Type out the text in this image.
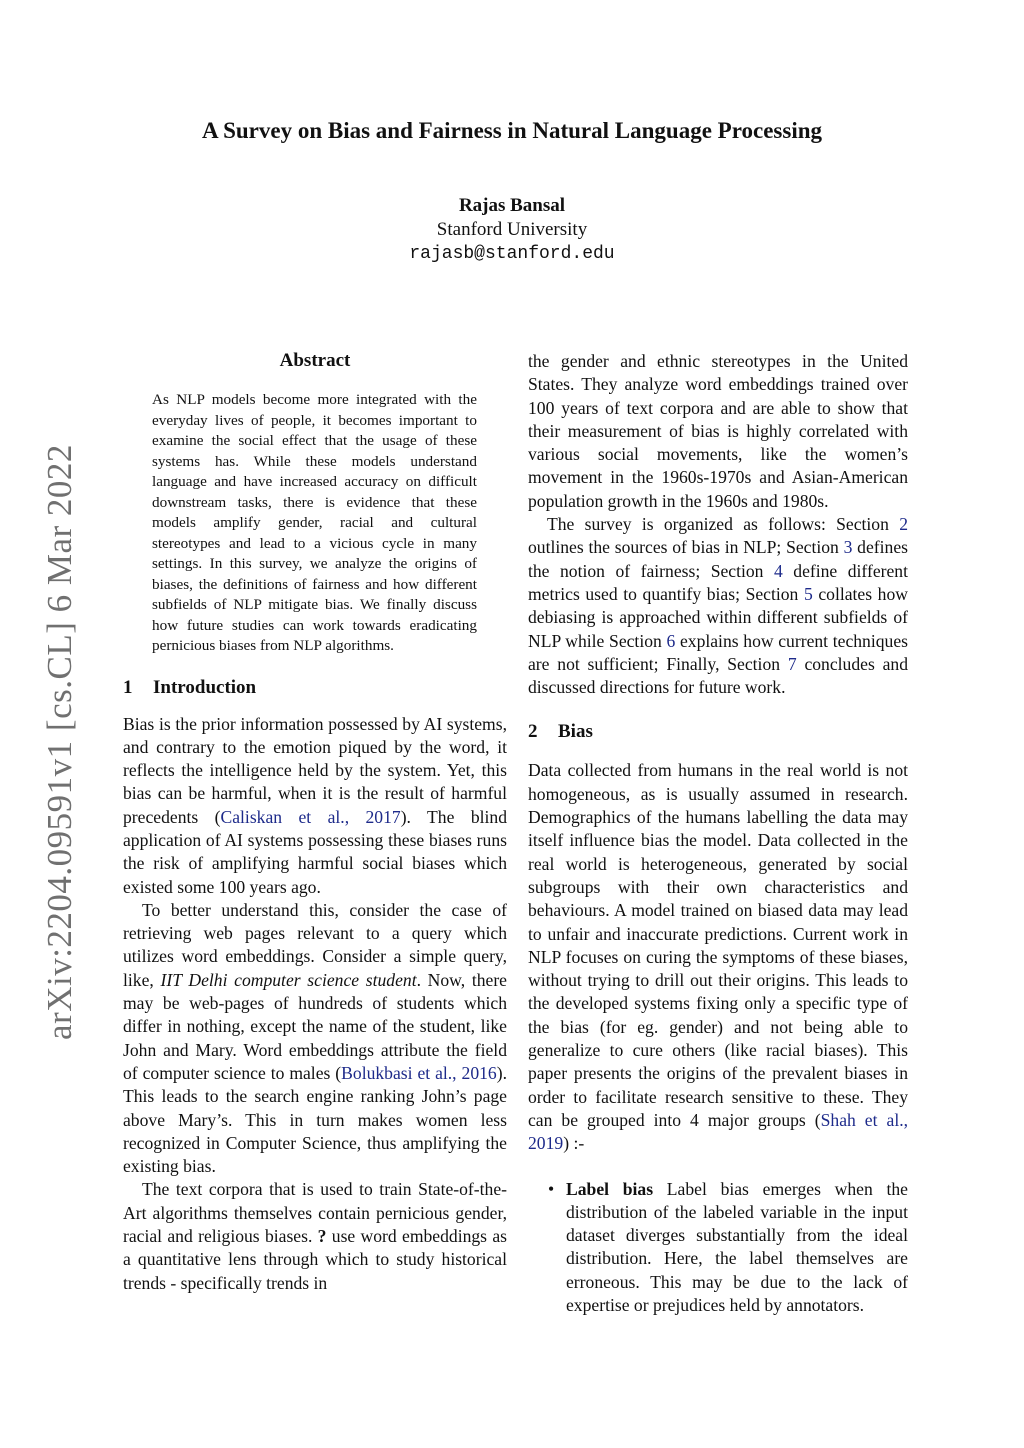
arXiv:2204.09591v1 [cs.CL] 6 Mar 2022
A Survey on Bias and Fairness in Natural Language Processing
Rajas Bansal
Stanford University
rajasb@stanford.edu
Abstract
As NLP models become more integrated with the everyday lives of people, it becomes important to examine the social effect that the usage of these systems has. While these models understand language and have increased accuracy on difficult downstream tasks, there is evidence that these models amplify gender, racial and cultural stereotypes and lead to a vicious cycle in many settings. In this survey, we analyze the origins of biases, the definitions of fairness and how different subfields of NLP mitigate bias. We finally discuss how future studies can work towards eradicating pernicious biases from NLP algorithms.
1	Introduction

Bias is the prior information possessed by AI systems, and contrary to the emotion piqued by the word, it reflects the intelligence held by the system. Yet, this bias can be harmful, when it is the result of harmful precedents (Caliskan et al., 2017). The blind application of AI systems possessing these biases runs the risk of amplifying harmful social biases which existed some 100 years ago.

To better understand this, consider the case of retrieving web pages relevant to a query which utilizes word embeddings. Consider a simple query, like, IIT Delhi computer science student. Now, there may be web-pages of hundreds of students which differ in nothing, except the name of the student, like John and Mary. Word embeddings attribute the field of computer science to males (Bolukbasi et al., 2016). This leads to the search engine ranking John’s page above Mary’s. This in turn makes women less recognized in Computer Science, thus amplifying the existing bias.

The text corpora that is used to train State-of-the-Art algorithms themselves contain pernicious gender, racial and religious biases. ? use word embeddings as a quantitative lens through which to study historical trends - specifically trends in

the gender and ethnic stereotypes in the United States. They analyze word embeddings trained over 100 years of text corpora and are able to show that their measurement of bias is highly correlated with various social movements, like the women’s movement in the 1960s-1970s and Asian-American population growth in the 1960s and 1980s.

The survey is organized as follows: Section 2 outlines the sources of bias in NLP; Section 3 defines the notion of fairness; Section 4 define different metrics used to quantify bias; Section 5 collates how debiasing is approached within different subfields of NLP while Section 6 explains how current techniques are not sufficient; Finally, Section 7 concludes and discussed directions for future work.

2	Bias

Data collected from humans in the real world is not homogeneous, as is usually assumed in research. Demographics of the humans labelling the data may itself influence bias the model. Data collected in the real world is heterogeneous, generated by social subgroups with their own characteristics and behaviours. A model trained on biased data may lead to unfair and inaccurate predictions. Current work in NLP focuses on curing the symptoms of these biases, without trying to drill out their origins. This leads to the developed systems fixing only a specific type of the bias (for eg. gender) and not being able to generalize to cure others (like racial biases). This paper presents the origins of the prevalent biases in order to facilitate research sensitive to these. They can be grouped into 4 major groups (Shah et al., 2019) :-

• Label bias Label bias emerges when the distribution of the labeled variable in the input dataset diverges substantially from the ideal distribution. Here, the label themselves are erroneous. This may be due to the lack of expertise or prejudices held by annotators.
